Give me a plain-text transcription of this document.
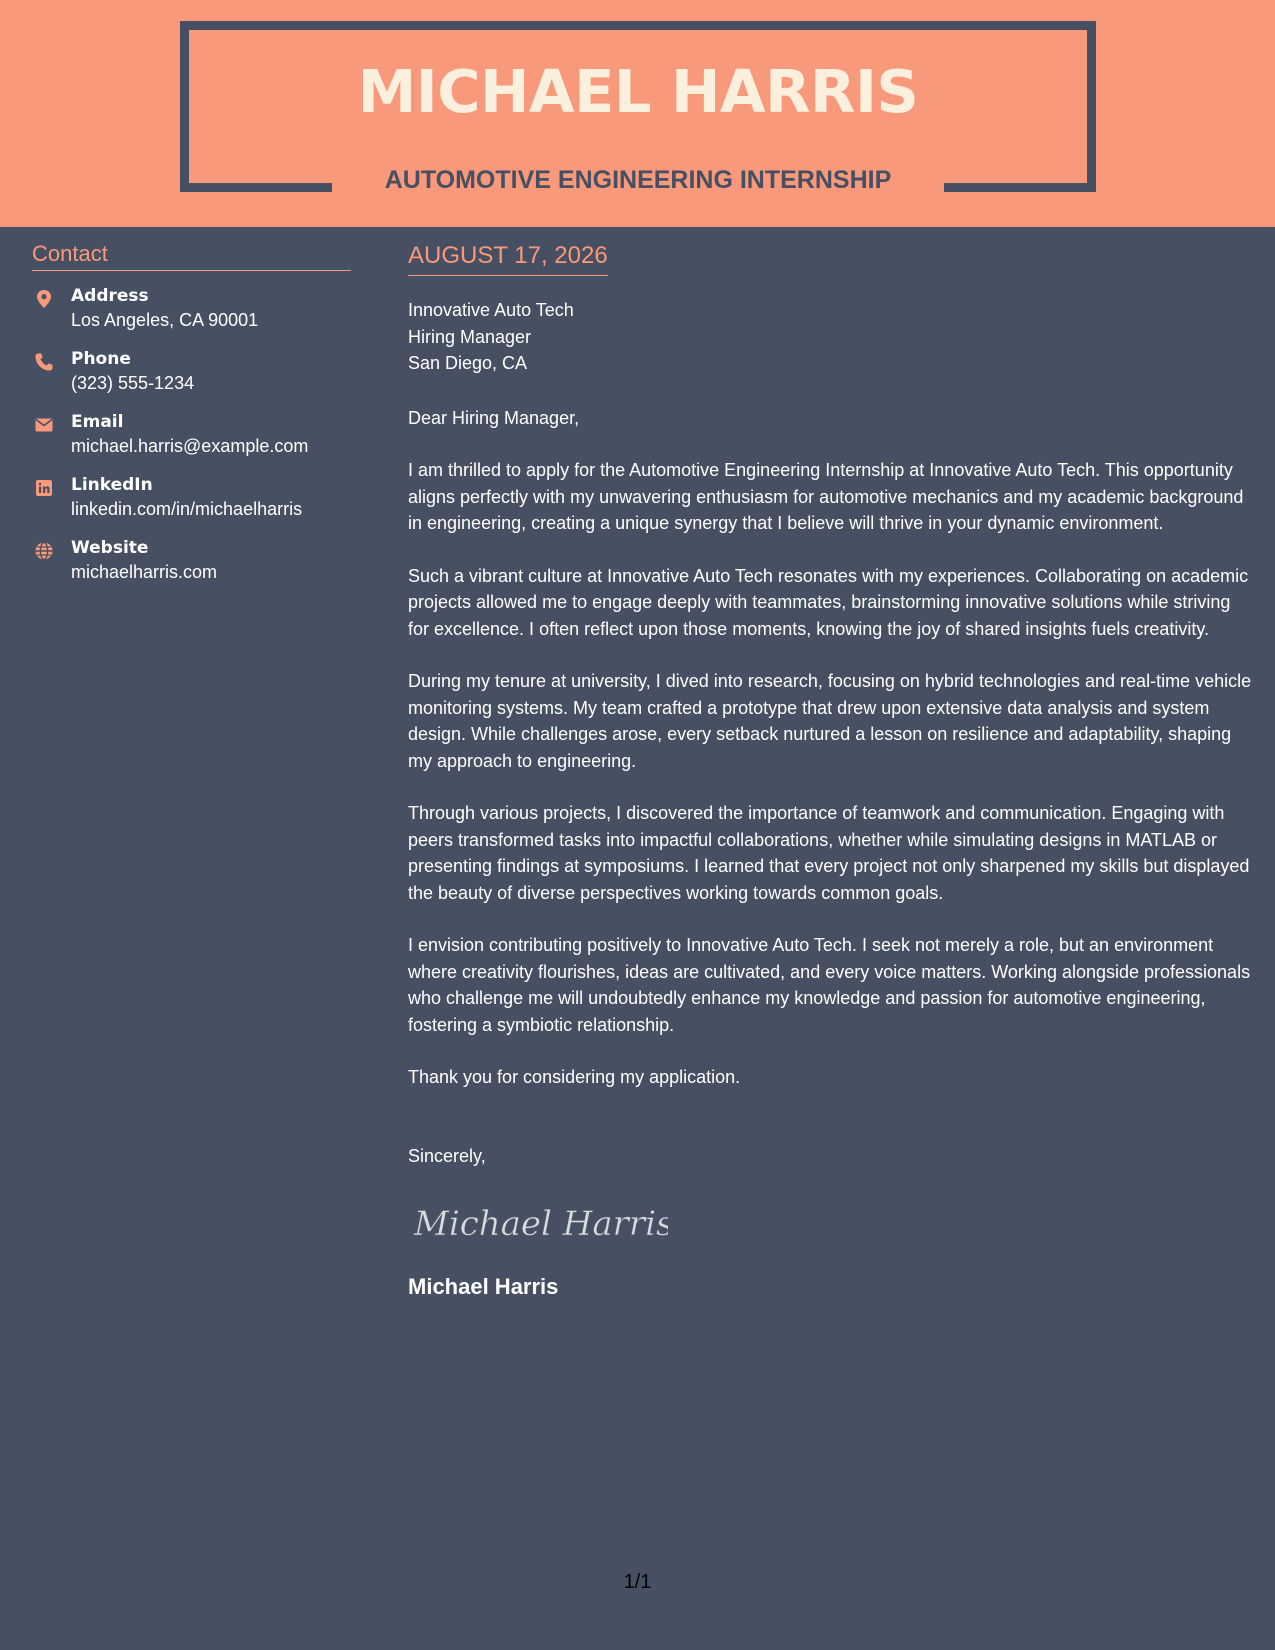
MICHAEL HARRIS
AUTOMOTIVE ENGINEERING INTERNSHIP
Contact
Address
Los Angeles, CA 90001
Phone
(323) 555-1234
Email
michael.harris@example.com
LinkedIn
linkedin.com/in/michaelharris
Website
michaelharris.com
AUGUST 17, 2026
Innovative Auto Tech
Hiring Manager
San Diego, CA
Dear Hiring Manager,
I am thrilled to apply for the Automotive Engineering Internship at Innovative Auto Tech. This opportunity aligns perfectly with my unwavering enthusiasm for automotive mechanics and my academic background in engineering, creating a unique synergy that I believe will thrive in your dynamic environment.
Such a vibrant culture at Innovative Auto Tech resonates with my experiences. Collaborating on academic projects allowed me to engage deeply with teammates, brainstorming innovative solutions while striving for excellence. I often reflect upon those moments, knowing the joy of shared insights fuels creativity.
During my tenure at university, I dived into research, focusing on hybrid technologies and real-time vehicle monitoring systems. My team crafted a prototype that drew upon extensive data analysis and system design. While challenges arose, every setback nurtured a lesson on resilience and adaptability, shaping my approach to engineering.
Through various projects, I discovered the importance of teamwork and communication. Engaging with peers transformed tasks into impactful collaborations, whether while simulating designs in MATLAB or presenting findings at symposiums. I learned that every project not only sharpened my skills but displayed the beauty of diverse perspectives working towards common goals.
I envision contributing positively to Innovative Auto Tech. I seek not merely a role, but an environment where creativity flourishes, ideas are cultivated, and every voice matters. Working alongside professionals who challenge me will undoubtedly enhance my knowledge and passion for automotive engineering, fostering a symbiotic relationship.
Thank you for considering my application.
Sincerely,
Michael Harris
Michael Harris
1/1
